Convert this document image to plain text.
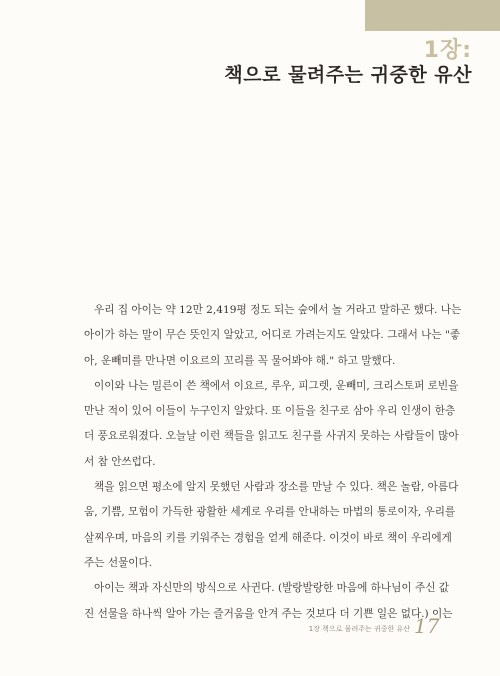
1장:
책으로 물려주는 귀중한 유산
우리 집 아이는 약 12만 2,419평 정도 되는 숲에서 놀 거라고 말하곤 했다. 나는
아이가 하는 말이 무슨 뜻인지 알았고, 어디로 가려는지도 알았다. 그래서 나는 "좋
아, 운빼미를 만나면 이요르의 꼬리를 꼭 물어봐야 해." 하고 말했다.
이이와 나는 밀른이 쓴 책에서 이요르, 루우, 피그렛, 운빼미, 크리스토퍼 로빈을
만난 적이 있어 이들이 누구인지 알았다. 또 이들을 친구로 삼아 우리 인생이 한층
더 풍요로워졌다. 오늘날 이런 책들을 읽고도 친구를 사귀지 못하는 사람들이 많아
서 참 안쓰럽다.
책을 읽으면 평소에 알지 못했던 사람과 장소를 만날 수 있다. 책은 놀람, 아름다
움, 기쁨, 모험이 가득한 광활한 세계로 우리를 안내하는 마법의 통로이자, 우리를
살찌우며, 마음의 키를 키워주는 경험을 얻게 해준다. 이것이 바로 책이 우리에게
주는 선물이다.
아이는 책과 자신만의 방식으로 사귄다. (발랑발랑한 마음에 하나님이 주신 값
진 선물을 하나씩 알아 가는 즐거움을 안겨 주는 것보다 더 기쁜 일은 없다.) 이는
1장 책으로 물려주는 귀중한 유산 17
